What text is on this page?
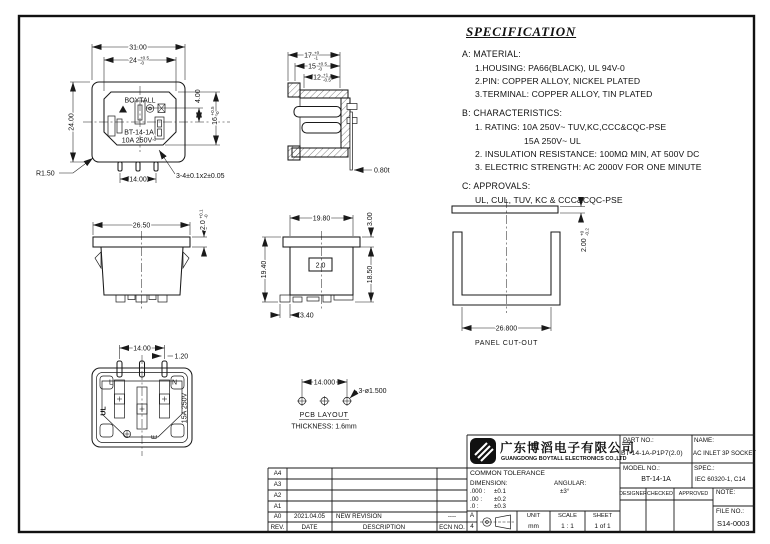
31.00
24 +0.5
-0
24.00
4.00
16
+0.5 -0
R1.50
14.00	3-4±0.1x2±0.05
BOYTALL
BT-14-1A
10A 250V~
17 +0
-1
15 +0.5
-0
12 +1
-0.5
0.80t
26.50	2.0
+0.1 -0
2.0
19.80	3.00
19.40	18.50
3.40
2.00
+0 -0.2
26.800
PANEL CUT-OUT
L	N
E
15A 250V
UL
14.00
1.20
14.000
3-ø1.500
PCB LAYOUT
THICKNESS: 1.6mm
SPECIFICATION
A: MATERIAL:
1.HOUSING: PA66(BLACK), UL 94V-0
2.PIN: COPPER ALLOY, NICKEL PLATED
3.TERMINAL: COPPER ALLOY, TIN PLATED
B: CHARACTERISTICS:
1. RATING: 10A 250V~ TUV,KC,CCC&CQC-PSE
15A 250V~ UL
2. INSULATION RESISTANCE: 100MΩ MIN, AT 500V DC
3. ELECTRIC STRENGTH: AC 2000V FOR ONE MINUTE
C: APPROVALS:
UL, CUL, TUV, KC & CCC&CQC-PSE
广东博滔电子有限公司
GUANGDONG BOYTALL ELECTRONICS CO.,LTD
PART NO.:
BT-14-1A-P1P7(2.0)
NAME:
AC INLET 3P SOCKET
MODEL NO.:
BT-14-1A
SPEC.:
IEC 60320-1, C14
DESIGNER CHECKED APPROVED NOTE:
FILE NO.:
S14-0003
COMMON TOLERANCE
DIMENSION:	ANGULAR:
.000 : ±0.1
.00 : ±0.2
.0 : ±0.3
±3°
A
4
UNIT
mm
SCALE
1 : 1
SHEET
1 of 1
A4
A3
A2
A1
A0 2021.04.05 NEW REVISION	----
REV.	DATE	DESCRIPTION	ECN NO.
